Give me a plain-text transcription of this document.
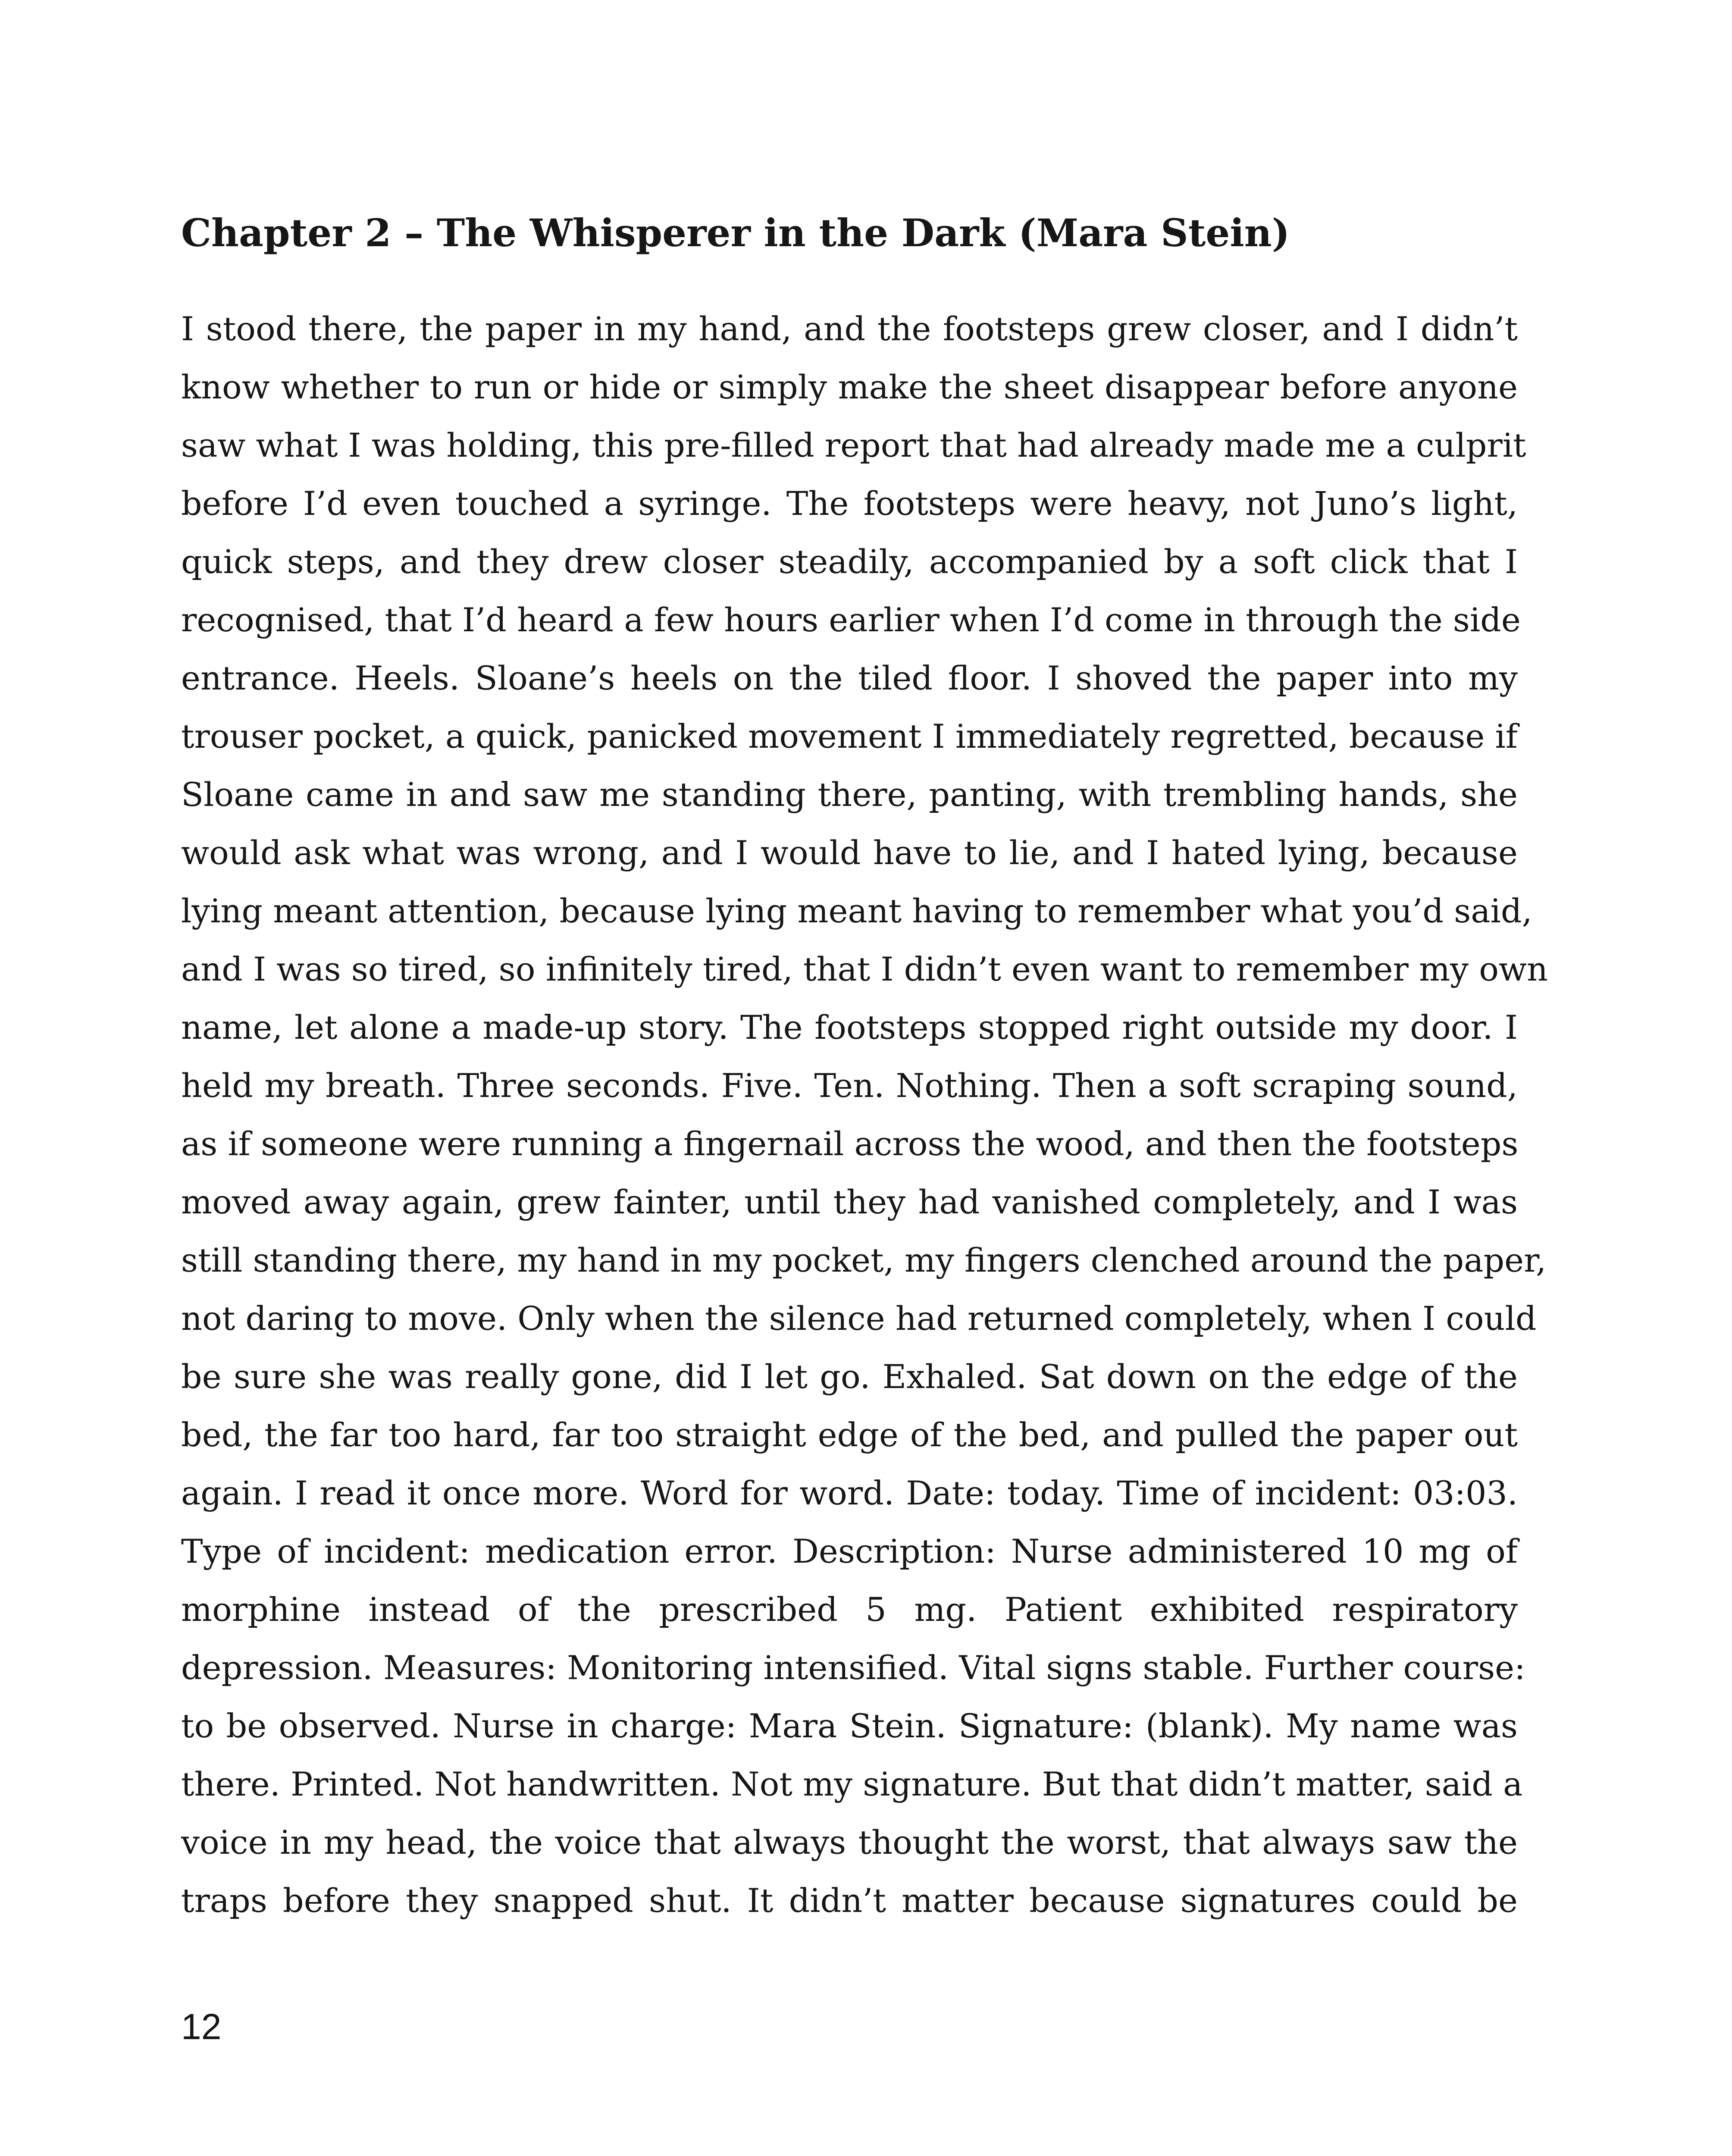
Chapter 2 – The Whisperer in the Dark (Mara Stein)
I stood there, the paper in my hand, and the footsteps grew closer, and I didn’t
know whether to run or hide or simply make the sheet disappear before anyone
saw what I was holding, this pre-filled report that had already made me a culprit
before I’d even touched a syringe. The footsteps were heavy, not Juno’s light,
quick steps, and they drew closer steadily, accompanied by a soft click that I
recognised, that I’d heard a few hours earlier when I’d come in through the side
entrance. Heels. Sloane’s heels on the tiled floor. I shoved the paper into my
trouser pocket, a quick, panicked movement I immediately regretted, because if
Sloane came in and saw me standing there, panting, with trembling hands, she
would ask what was wrong, and I would have to lie, and I hated lying, because
lying meant attention, because lying meant having to remember what you’d said,
and I was so tired, so infinitely tired, that I didn’t even want to remember my own
name, let alone a made-up story. The footsteps stopped right outside my door. I
held my breath. Three seconds. Five. Ten. Nothing. Then a soft scraping sound,
as if someone were running a fingernail across the wood, and then the footsteps
moved away again, grew fainter, until they had vanished completely, and I was
still standing there, my hand in my pocket, my fingers clenched around the paper,
not daring to move. Only when the silence had returned completely, when I could
be sure she was really gone, did I let go. Exhaled. Sat down on the edge of the
bed, the far too hard, far too straight edge of the bed, and pulled the paper out
again. I read it once more. Word for word. Date: today. Time of incident: 03:03.
Type of incident: medication error. Description: Nurse administered 10 mg of
morphine instead of the prescribed 5 mg. Patient exhibited respiratory
depression. Measures: Monitoring intensified. Vital signs stable. Further course:
to be observed. Nurse in charge: Mara Stein. Signature: (blank). My name was
there. Printed. Not handwritten. Not my signature. But that didn’t matter, said a
voice in my head, the voice that always thought the worst, that always saw the
traps before they snapped shut. It didn’t matter because signatures could be
12
